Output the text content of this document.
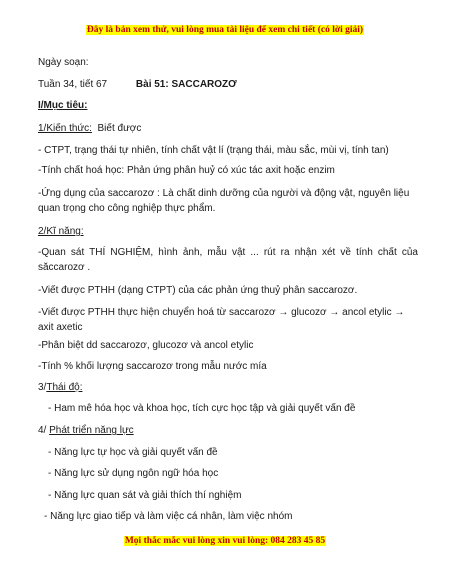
Đây là bản xem thử, vui lòng mua tài liệu để xem chi tiết (có lời giải)
Ngày soạn:
Tuần 34, tiết 67	Bài 51: SACCAROZƠ
I/Mục tiêu:
1/Kiến thức: Biết được
- CTPT, trạng thái tự nhiên, tính chất vật lí (trạng thái, màu sắc, mùi vị, tính tan)
-Tính chất hoá học: Phản ứng phân huỷ có xúc tác axit hoặc enzim
-Ứng dụng của saccarozơ : Là chất dinh dưỡng của người và động vật, nguyên liệu quan trọng cho công nghiệp thực phẩm.
2/Kĩ năng:
-Quan sát THÍ NGHIỆM, hình ảnh, mẫu vật ... rút ra nhận xét về tính chất của săccarozơ .
-Viết được PTHH (dạng CTPT) của các phản ứng thuỷ phân saccarozơ.
-Viết được PTHH thực hiện chuyển hoá từ saccarozơ → glucozơ → ancol etylic → axit axetic
-Phân biệt dd saccarozơ, glucozơ và ancol etylic
-Tính % khối lượng saccarozơ trong mẫu nước mía
3/Thái độ:
- Ham mê hóa học và khoa học, tích cực học tập và giải quyết vấn đề
4/ Phát triển năng lực
- Năng lực tự học và giải quyết vấn đề
- Năng lực sử dụng ngôn ngữ hóa học
- Năng lực quan sát và giải thích thí nghiệm
- Năng lực giao tiếp và làm việc cá nhân, làm việc nhóm
Mọi thắc mắc vui lòng xin vui lòng: 084 283 45 85
